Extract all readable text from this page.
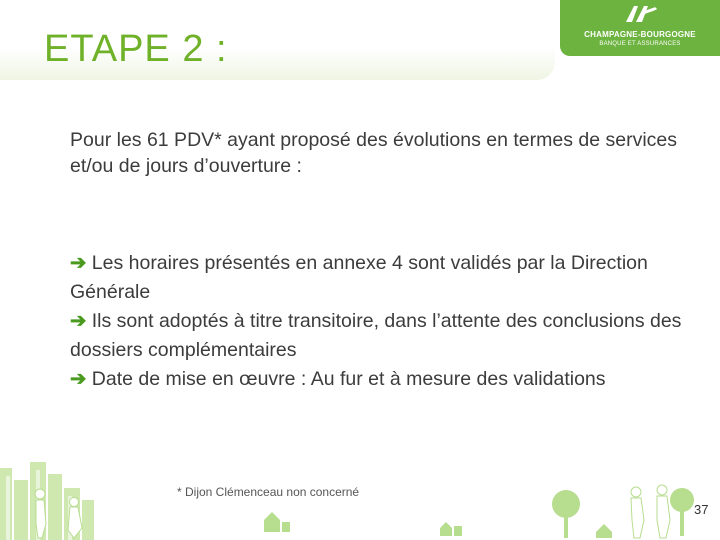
ETAPE 2 :	CHAMPAGNE-BOURGOGNE
BANQUE ET ASSURANCES
Pour les 61 PDV* ayant proposé des évolutions en termes de services et/ou de jours d’ouverture :

➔ Les horaires présentés en annexe 4 sont validés par la Direction Générale

➔ Ils sont adoptés à titre transitoire, dans l’attente des conclusions des dossiers complémentaires

➔ Date de mise en œuvre : Au fur et à mesure des validations

* Dijon Clémenceau non concerné
37
